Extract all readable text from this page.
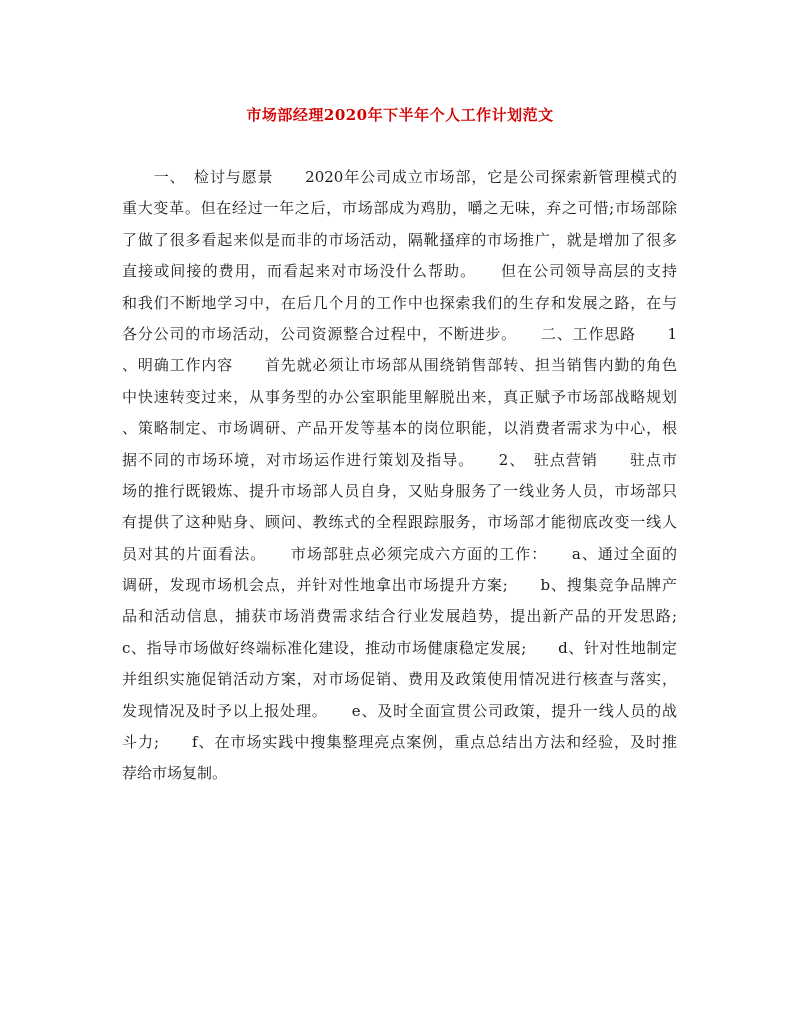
市场部经理2020年下半年个人工作计划范文
　　一、　检讨与愿景　　2020年公司成立市场部，它是公司探索新管理模式的
重大变革。但在经过一年之后，市场部成为鸡肋，嚼之无味，弃之可惜;市场部除
了做了很多看起来似是而非的市场活动，隔靴搔痒的市场推广，就是增加了很多
直接或间接的费用，而看起来对市场没什么帮助。　　但在公司领导高层的支持
和我们不断地学习中，在后几个月的工作中也探索我们的生存和发展之路，在与
各分公司的市场活动，公司资源整合过程中，不断进步。　　二、工作思路　　1
、明确工作内容　　首先就必须让市场部从围绕销售部转、担当销售内勤的角色
中快速转变过来，从事务型的办公室职能里解脱出来，真正赋予市场部战略规划
、策略制定、市场调研、产品开发等基本的岗位职能，以消费者需求为中心，根
据不同的市场环境，对市场运作进行策划及指导。　　2、　驻点营销　　驻点市
场的推行既锻炼、提升市场部人员自身，又贴身服务了一线业务人员，市场部只
有提供了这种贴身、顾问、教练式的全程跟踪服务，市场部才能彻底改变一线人
员对其的片面看法。　　市场部驻点必须完成六方面的工作：　　a、通过全面的
调研，发现市场机会点，并针对性地拿出市场提升方案;　　b、搜集竞争品牌产
品和活动信息，捕获市场消费需求结合行业发展趋势，提出新产品的开发思路;
c、指导市场做好终端标准化建设，推动市场健康稳定发展;　　d、针对性地制定
并组织实施促销活动方案，对市场促销、费用及政策使用情况进行核查与落实，
发现情况及时予以上报处理。　　e、及时全面宣贯公司政策，提升一线人员的战
斗力;　　f、在市场实践中搜集整理亮点案例，重点总结出方法和经验，及时推
荐给市场复制。
